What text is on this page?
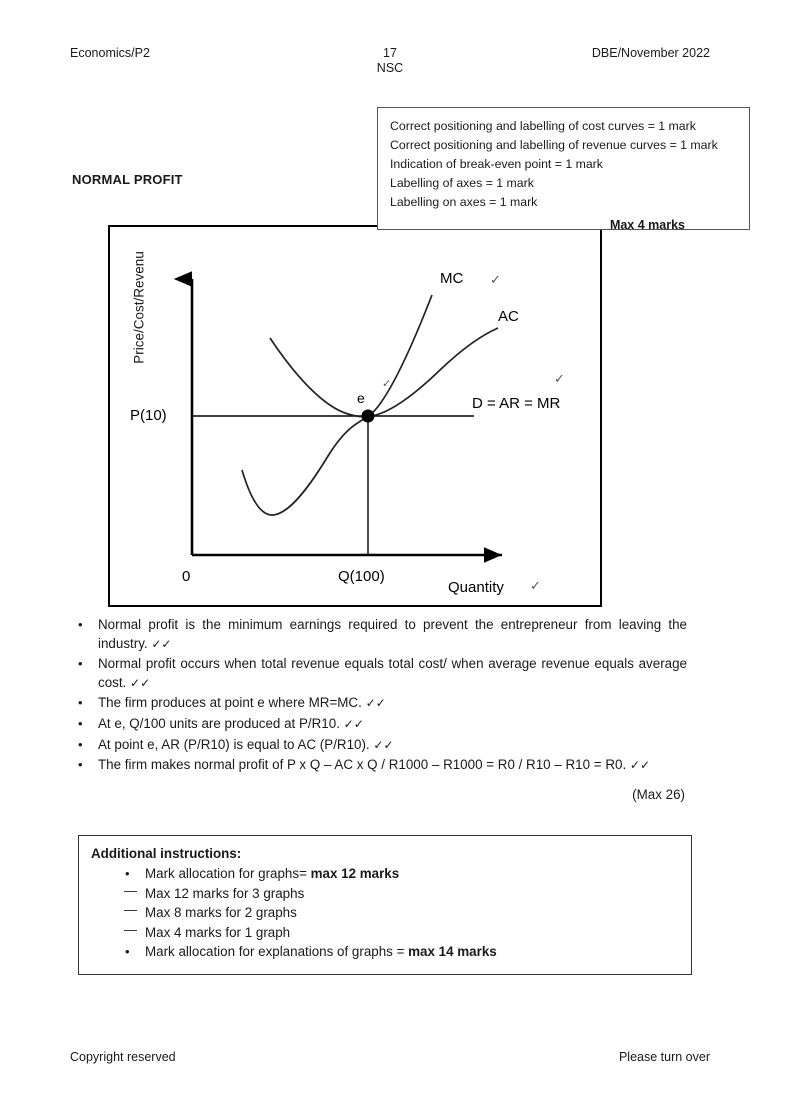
Economics/P2	17
NSC
DBE/November 2022
NORMAL PROFIT
Price/Cost/Revenu
P(10)
0	Q(100)
Quantity
e
MC
AC
D = AR = MR
✓
✓
✓
✓
Correct positioning and labelling of cost curves = 1 mark
Correct positioning and labelling of revenue curves = 1 mark
Indication of break-even point = 1 mark
Labelling of axes = 1 mark
Labelling on axes = 1 mark
Max 4 marks
• Normal profit is the minimum earnings required to prevent the entrepreneur from leaving the industry. ✓✓
• Normal profit occurs when total revenue equals total cost/ when average revenue equals average cost. ✓✓
• The firm produces at point e where MR=MC. ✓✓
• At e, Q/100 units are produced at P/R10. ✓✓
• At point e, AR (P/R10) is equal to AC (P/R10). ✓✓
• The firm makes normal profit of P x Q – AC x Q / R1000 – R1000 = R0 / R10 – R10 = R0. ✓✓
(Max 26)
Additional instructions:
• Mark allocation for graphs= max 12 marks
― Max 12 marks for 3 graphs
― Max 8 marks for 2 graphs
― Max 4 marks for 1 graph
• Mark allocation for explanations of graphs = max 14 marks
Copyright reserved	Please turn over
